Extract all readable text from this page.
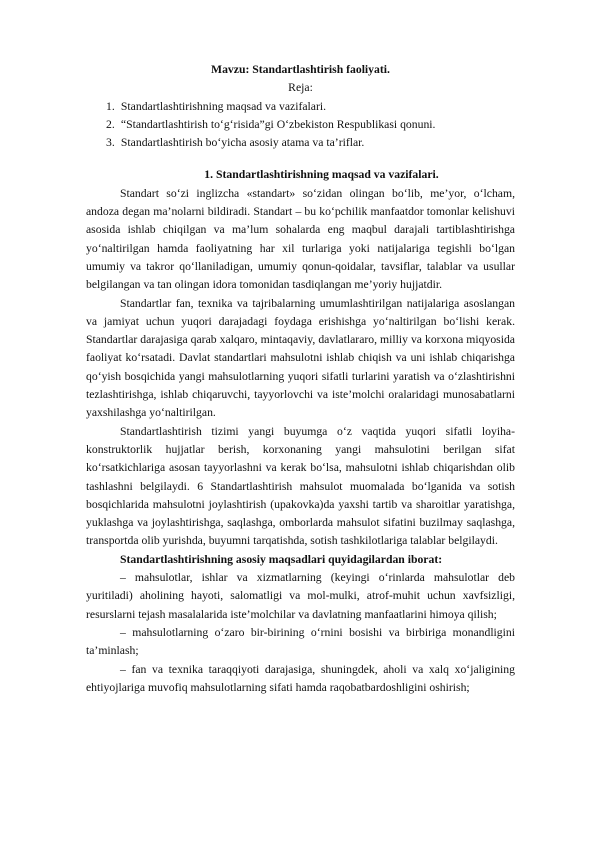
Mavzu: Standartlashtirish faoliyati.
Reja:
1. Standartlashtirishning maqsad va vazifalari.
2. “Standartlashtirish to‘g‘risida”gi O‘zbekiston Respublikasi qonuni.
3. Standartlashtirish bo‘yicha asosiy atama va ta’riflar.
1. Standartlashtirishning maqsad va vazifalari.

Standart so‘zi inglizcha «standart» so‘zidan olingan bo‘lib, me’yor, o‘lcham, andoza degan ma’nolarni bildiradi. Standart – bu ko‘pchilik manfaatdor tomonlar kelishuvi asosida ishlab chiqilgan va ma’lum sohalarda eng maqbul darajali tartiblashtirishga yo‘naltirilgan hamda faoliyatning har xil turlariga yoki natijalariga tegishli bo‘lgan umumiy va takror qo‘llaniladigan, umumiy qonun-qoidalar, tavsiflar, talablar va usullar belgilangan va tan olingan idora tomonidan tasdiqlangan me’yoriy hujjatdir.

Standartlar fan, texnika va tajribalarning umumlashtirilgan natijalariga asoslangan va jamiyat uchun yuqori darajadagi foydaga erishishga yo‘naltirilgan bo‘lishi kerak. Standartlar darajasiga qarab xalqaro, mintaqaviy, davlatlararo, milliy va korxona miqyosida faoliyat ko‘rsatadi. Davlat standartlari mahsulotni ishlab chiqish va uni ishlab chiqarishga qo‘yish bosqichida yangi mahsulotlarning yuqori sifatli turlarini yaratish va o‘zlashtirishni tezlashtirishga, ishlab chiqaruvchi, tayyorlovchi va iste’molchi oralaridagi munosabatlarni yaxshilashga yo‘naltirilgan.

Standartlashtirish tizimi yangi buyumga o‘z vaqtida yuqori sifatli loyiha-konstruktorlik hujjatlar berish, korxonaning yangi mahsulotini berilgan sifat ko‘rsatkichlariga asosan tayyorlashni va kerak bo‘lsa, mahsulotni ishlab chiqarishdan olib tashlashni belgilaydi. 6 Standartlashtirish mahsulot muomalada bo‘lganida va sotish bosqichlarida mahsulotni joylashtirish (upakovka)da yaxshi tartib va sharoitlar yaratishga, yuklashga va joylashtirishga, saqlashga, omborlarda mahsulot sifatini buzilmay saqlashga, transportda olib yurishda, buyumni tarqatishda, sotish tashkilotlariga talablar belgilaydi.

Standartlashtirishning asosiy maqsadlari quyidagilardan iborat:

– mahsulotlar, ishlar va xizmatlarning (keyingi o‘rinlarda mahsulotlar deb yuritiladi) aholining hayoti, salomatligi va mol-mulki, atrof-muhit uchun xavfsizligi, resurslarni tejash masalalarida iste’molchilar va davlatning manfaatlarini himoya qilish;

– mahsulotlarning o‘zaro bir-birining o‘rnini bosishi va birbiriga monandligini ta’minlash;

– fan va texnika taraqqiyoti darajasiga, shuningdek, aholi va xalq xo‘jaligining ehtiyojlariga muvofiq mahsulotlarning sifati hamda raqobatbardoshligini oshirish;
